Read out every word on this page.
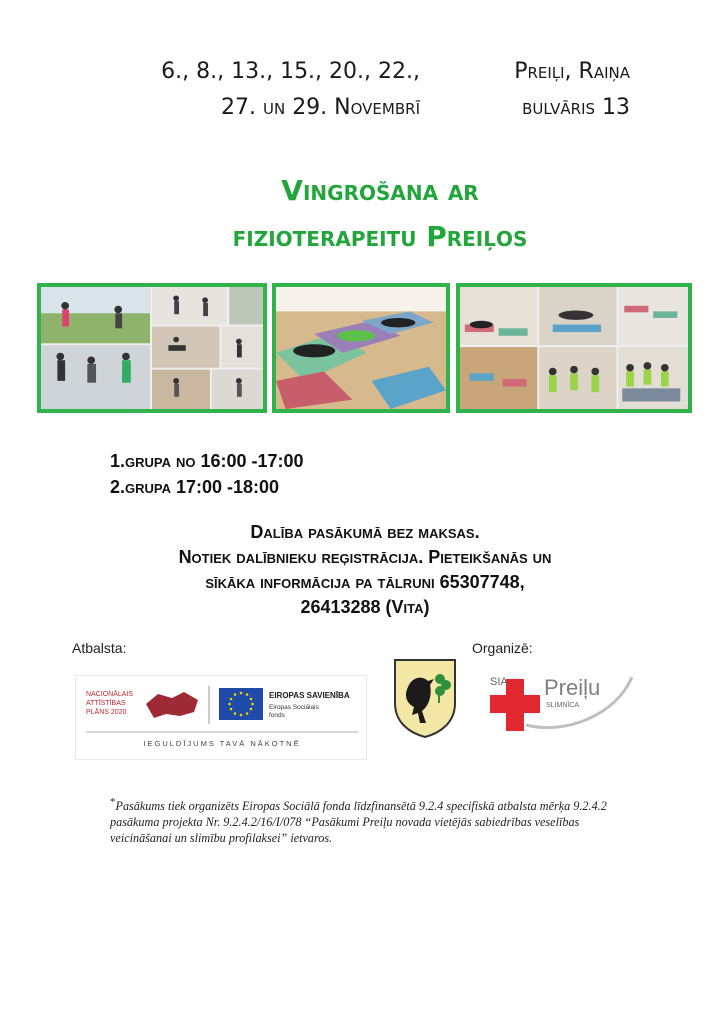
6., 8., 13., 15., 20., 22.,
27. un 29. Novembrī
Preiļi, Raiņa
bulvāris 13
Vingrošana ar
fizioterapeitu Preiļos
1.grupa no 16:00 -17:00
2.grupa 17:00 -18:00
Dalība pasākumā bez maksas.
Notiek dalībnieku reģistrācija. Pieteikšanās un
sīkāka informācija pa tālruni 65307748,
26413288 (Vita)
Atbalsta:	Organizē:
NACIONĀLAIS
ATTĪSTĪBAS
PLĀNS 2020
EIROPAS SAVIENĪBA
Eiropas Sociālais
fonds
IEGULDĪJUMS TAVĀ NĀKOTNĒ
SIA Preiļu
SLIMNĪCA
*Pasākums tiek organizēts Eiropas Sociālā fonda līdzfinansētā 9.2.4 specifiskā atbalsta mērķa 9.2.4.2 pasākuma projekta Nr. 9.2.4.2/16/I/078 “Pasākumi Preiļu novada vietējās sabiedrības veselības veicināšanai un slimību profilaksei” ietvaros.
